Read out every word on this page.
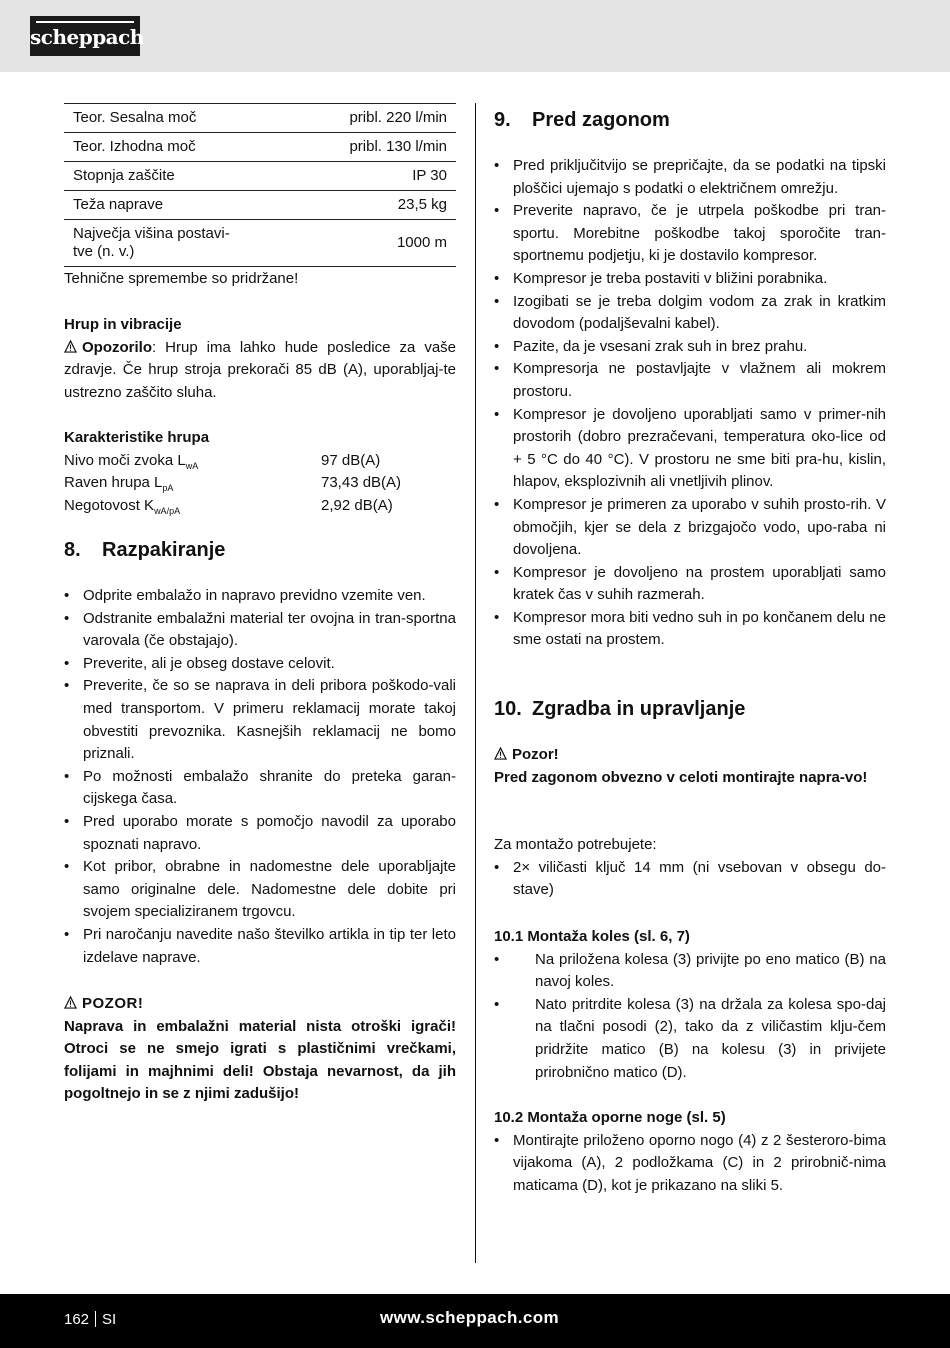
scheppach
Teor. Sesalna moč	pribl. 220 l/min
Teor. Izhodna moč	pribl. 130 l/min
Stopnja zaščite	IP 30
Teža naprave	23,5 kg
Največja višina postavi-
tve (n. v.)	1000 m

Tehnične spremembe so pridržane!

Hrup in vibracije

Opozorilo: Hrup ima lahko hude posledice za vaše zdravje. Če hrup stroja prekorači 85 dB (A), uporabljaj-te ustrezno zaščito sluha.

Karakteristike hrupa

Nivo moči zvoka $L_{wA}$	97 dB(A)
Raven hrupa $L_{pA}$	73,43 dB(A)
Negotovost $K_{wA/pA}$	2,92 dB(A)
8. Razpakiranje
• Odprite embalažo in napravo previdno vzemite ven.
• Odstranite embalažni material ter ovojna in tran-sportna varovala (če obstajajo).
• Preverite, ali je obseg dostave celovit.
• Preverite, če so se naprava in deli pribora poškodo-vali med transportom. V primeru reklamacij morate takoj obvestiti prevoznika. Kasnejših reklamacij ne bomo priznali.
• Po možnosti embalažo shranite do preteka garan-cijskega časa.
• Pred uporabo morate s pomočjo navodil za uporabo spoznati napravo.
• Kot pribor, obrabne in nadomestne dele uporabljajte samo originalne dele. Nadomestne dele dobite pri svojem specializiranem trgovcu.
• Pri naročanju navedite našo številko artikla in tip ter leto izdelave naprave.

POZOR!

Naprava in embalažni material nista otroški igrači! Otroci se ne smejo igrati s plastičnimi vrečkami, folijami in majhnimi deli! Obstaja nevarnost, da jih pogoltnejo in se z njimi zadušijo!

9. Pred zagonom
• Pred priključitvijo se prepričajte, da se podatki na tipski ploščici ujemajo s podatki o električnem omrežju.
• Preverite napravo, če je utrpela poškodbe pri tran-sportu. Morebitne poškodbe takoj sporočite tran-sportnemu podjetju, ki je dostavilo kompresor.
• Kompresor je treba postaviti v bližini porabnika.
• Izogibati se je treba dolgim vodom za zrak in kratkim dovodom (podaljševalni kabel).
• Pazite, da je vsesani zrak suh in brez prahu.
• Kompresorja ne postavljajte v vlažnem ali mokrem prostoru.
• Kompresor je dovoljeno uporabljati samo v primer-nih prostorih (dobro prezračevani, temperatura oko-lice od + 5 °C do 40 °C). V prostoru ne sme biti pra-hu, kislin, hlapov, eksplozivnih ali vnetljivih plinov.
• Kompresor je primeren za uporabo v suhih prosto-rih. V območjih, kjer se dela z brizgajočo vodo, upo-raba ni dovoljena.
• Kompresor je dovoljeno na prostem uporabljati samo kratek čas v suhih razmerah.
• Kompresor mora biti vedno suh in po končanem delu ne sme ostati na prostem.
10. Zgradba in upravljanje

Pozor!

Pred zagonom obvezno v celoti montirajte napra-vo!

Za montažo potrebujete:

• 2× viličasti ključ 14 mm (ni vsebovan v obsegu do-stave)

10.1 Montaža koles (sl. 6, 7)

• Na priložena kolesa (3) privijte po eno matico (B) na navoj koles.
• Nato pritrdite kolesa (3) na držala za kolesa spo-daj na tlačni posodi (2), tako da z viličastim klju-čem pridržite matico (B) na kolesu (3) in privijete prirobnično matico (D).

10.2 Montaža oporne noge (sl. 5)

• Montirajte priloženo oporno nogo (4) z 2 šesteroro-bima vijakoma (A), 2 podložkama (C) in 2 prirobnič-nima maticama (D), kot je prikazano na sliki 5.
162 SI	www.scheppach.com
